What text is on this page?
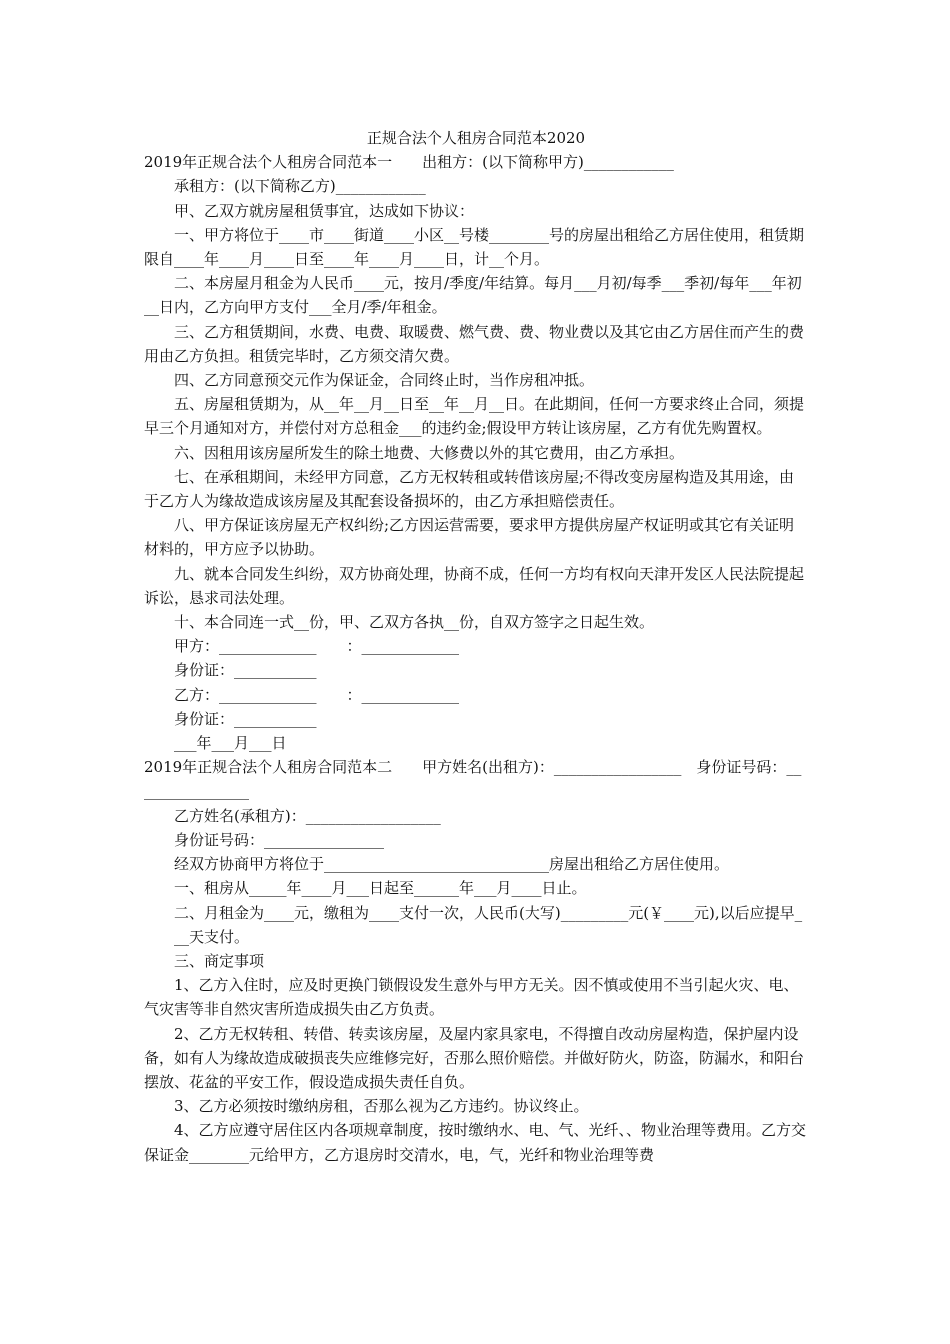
正规合法个人租房合同范本2020

2019年正规合法个人租房合同范本一　　出租方：(以下简称甲方)____________

承租方：(以下简称乙方)____________

甲、乙双方就房屋租赁事宜，达成如下协议：

一、甲方将位于____市____街道____小区__号楼________号的房屋出租给乙方居住使用，租赁期限自____年____月____日至____年____月____日，计__个月。

二、本房屋月租金为人民币____元，按月/季度/年结算。每月___月初/每季___季初/每年___年初__日内，乙方向甲方支付___全月/季/年租金。

三、乙方租赁期间，水费、电费、取暖费、燃气费、费、物业费以及其它由乙方居住而产生的费用由乙方负担。租赁完毕时，乙方须交清欠费。

四、乙方同意预交元作为保证金，合同终止时，当作房租冲抵。

五、房屋租赁期为，从__年__月__日至__年__月__日。在此期间，任何一方要求终止合同，须提早三个月通知对方，并偿付对方总租金___的违约金;假设甲方转让该房屋，乙方有优先购置权。

六、因租用该房屋所发生的除土地费、大修费以外的其它费用，由乙方承担。

七、在承租期间，未经甲方同意，乙方无权转租或转借该房屋;不得改变房屋构造及其用途，由于乙方人为缘故造成该房屋及其配套设备损坏的，由乙方承担赔偿责任。

八、甲方保证该房屋无产权纠纷;乙方因运营需要，要求甲方提供房屋产权证明或其它有关证明材料的，甲方应予以协助。

九、就本合同发生纠纷，双方协商处理，协商不成，任何一方均有权向天津开发区人民法院提起诉讼，恳求司法处理。

十、本合同连一式__份，甲、乙双方各执__份，自双方签字之日起生效。

甲方：_____________　　：_____________

身份证：___________

乙方：_____________　　：_____________

身份证：___________

___年___月___日

2019年正规合法个人租房合同范本二　　甲方姓名(出租方)：_________________　身份证号码：________________

乙方姓名(承租方)：__________________

身份证号码：________________

经双方协商甲方将位于______________________________房屋出租给乙方居住使用。

一、租房从_____年____月___日起至______年___月____日止。

二、月租金为____元，缴租为____支付一次，人民币(大写)_________元(￥____元),以后应提早___天支付。

三、商定事项

1、乙方入住时，应及时更换门锁假设发生意外与甲方无关。因不慎或使用不当引起火灾、电、气灾害等非自然灾害所造成损失由乙方负责。

2、乙方无权转租、转借、转卖该房屋，及屋内家具家电，不得擅自改动房屋构造，保护屋内设备，如有人为缘故造成破损丧失应维修完好，否那么照价赔偿。并做好防火，防盗，防漏水，和阳台摆放、花盆的平安工作，假设造成损失责任自负。

3、乙方必须按时缴纳房租，否那么视为乙方违约。协议终止。

4、乙方应遵守居住区内各项规章制度，按时缴纳水、电、气、光纤、、物业治理等费用。乙方交保证金________元给甲方，乙方退房时交清水，电，气，光纤和物业治理等费
